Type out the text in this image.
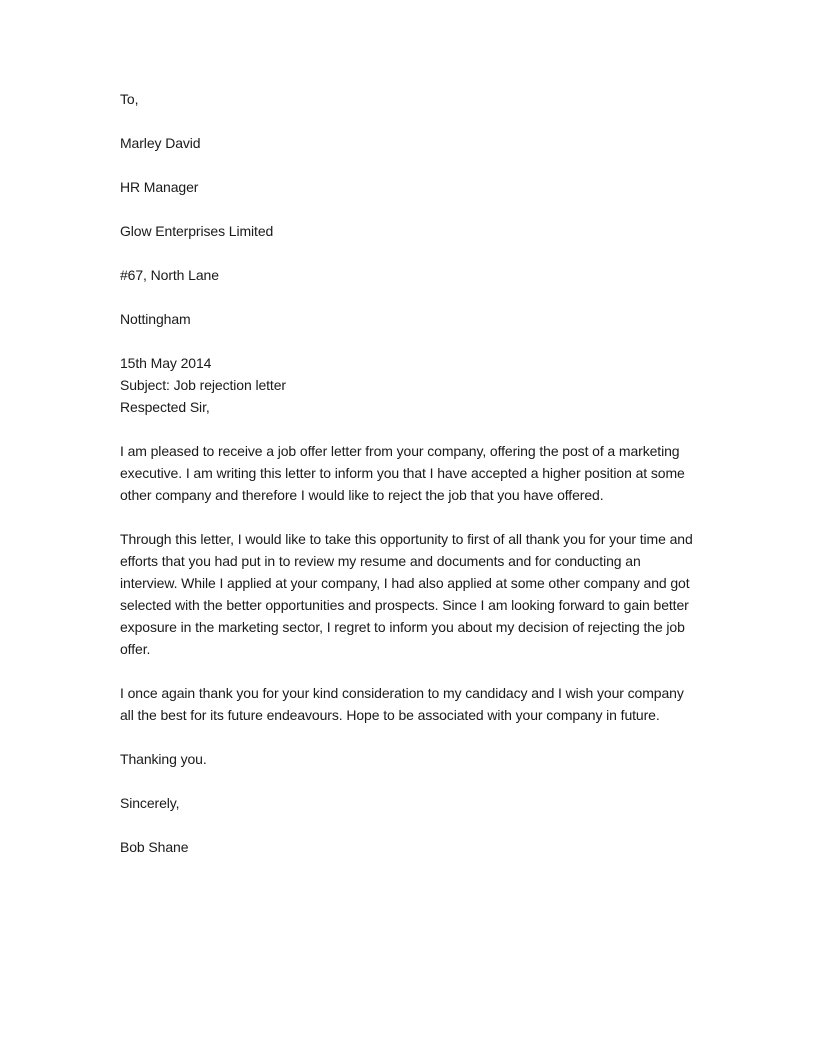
To,

Marley David

HR Manager

Glow Enterprises Limited

#67, North Lane

Nottingham

15th May 2014

Subject: Job rejection letter

Respected Sir,

I am pleased to receive a job offer letter from your company, offering the post of a marketing executive. I am writing this letter to inform you that I have accepted a higher position at some other company and therefore I would like to reject the job that you have offered.

Through this letter, I would like to take this opportunity to first of all thank you for your time and efforts that you had put in to review my resume and documents and for conducting an interview. While I applied at your company, I had also applied at some other company and got selected with the better opportunities and prospects. Since I am looking forward to gain better exposure in the marketing sector, I regret to inform you about my decision of rejecting the job offer.

I once again thank you for your kind consideration to my candidacy and I wish your company all the best for its future endeavours. Hope to be associated with your company in future.

Thanking you.

Sincerely,

Bob Shane
